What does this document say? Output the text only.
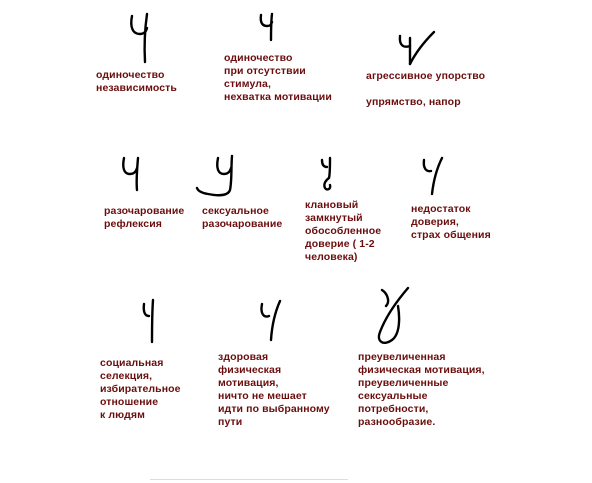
одиночество
независимость

одиночество
при отсутствии
стимула,
нехватка мотивации

агрессивное упорство

упрямство, напор

разочарование
рефлексия

сексуальное
разочарование

клановый
замкнутый
обособленное
доверие ( 1-2
человека)

недостаток
доверия,
страх общения

социальная
селекция,
избирательное
отношение
к людям

здоровая
физическая
мотивация,
ничто не мешает
идти по выбранному
пути

преувеличенная
физическая мотивация,
преувеличенные
сексуальные
потребности,
разнообразие.
